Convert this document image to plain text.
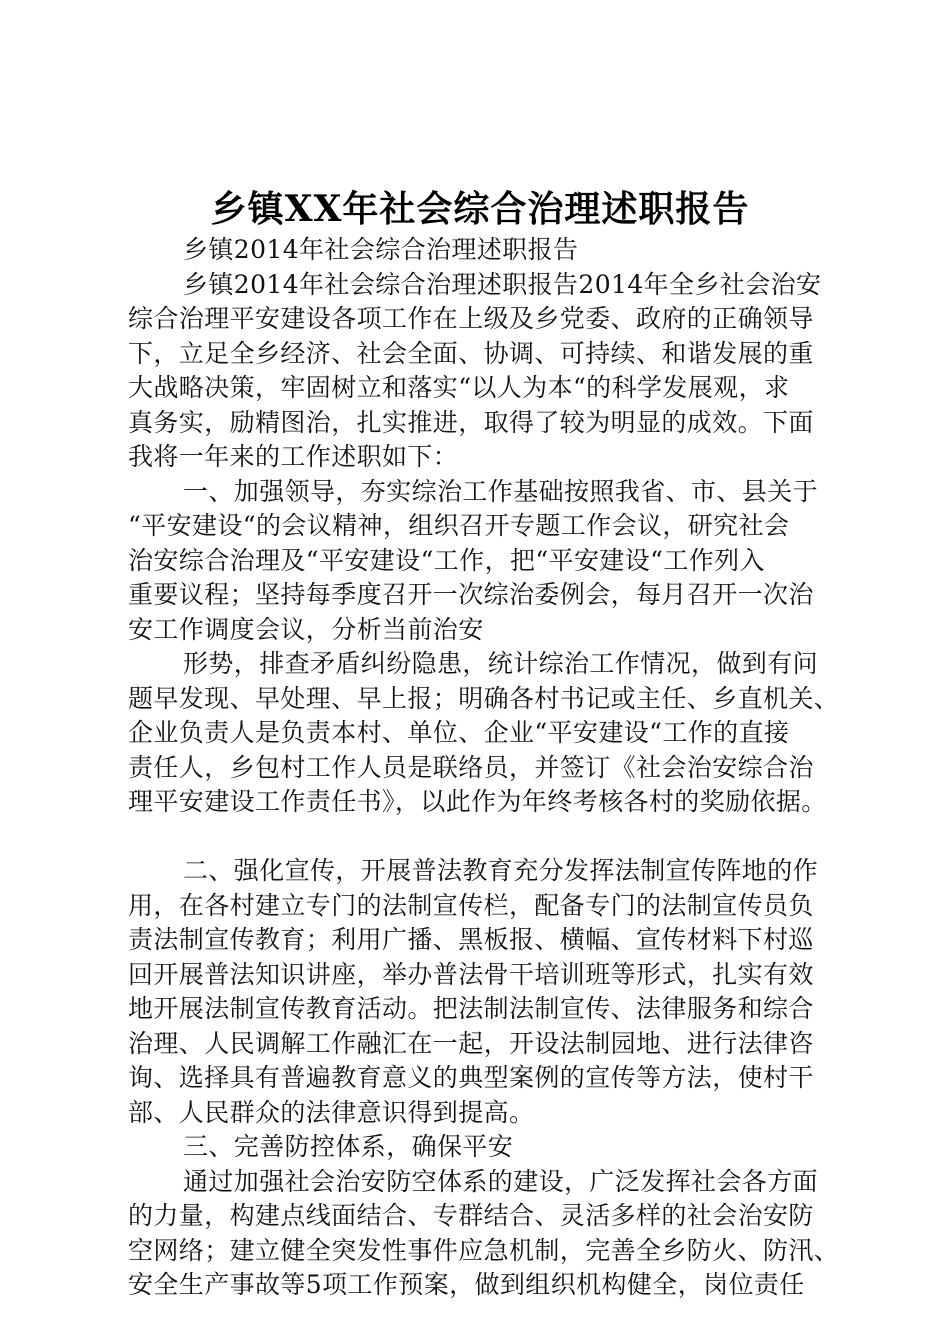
乡镇XX年社会综合治理述职报告

乡镇2014年社会综合治理述职报告

乡镇2014年社会综合治理述职报告2014年全乡社会治安
综合治理平安建设各项工作在上级及乡党委、政府的正确领导
下，立足全乡经济、社会全面、协调、可持续、和谐发展的重
大战略决策，牢固树立和落实“以人为本“的科学发展观，求
真务实，励精图治，扎实推进，取得了较为明显的成效。下面
我将一年来的工作述职如下：

一、加强领导，夯实综治工作基础按照我省、市、县关于
“平安建设“的会议精神，组织召开专题工作会议，研究社会
治安综合治理及“平安建设“工作，把“平安建设“工作列入
重要议程；坚持每季度召开一次综治委例会，每月召开一次治
安工作调度会议，分析当前治安

形势，排查矛盾纠纷隐患，统计综治工作情况，做到有问
题早发现、早处理、早上报；明确各村书记或主任、乡直机关、
企业负责人是负责本村、单位、企业“平安建设“工作的直接
责任人，乡包村工作人员是联络员，并签订《社会治安综合治
理平安建设工作责任书》，以此作为年终考核各村的奖励依据。

二、强化宣传，开展普法教育充分发挥法制宣传阵地的作
用，在各村建立专门的法制宣传栏，配备专门的法制宣传员负
责法制宣传教育；利用广播、黑板报、横幅、宣传材料下村巡
回开展普法知识讲座，举办普法骨干培训班等形式，扎实有效
地开展法制宣传教育活动。把法制法制宣传、法律服务和综合
治理、人民调解工作融汇在一起，开设法制园地、进行法律咨
询、选择具有普遍教育意义的典型案例的宣传等方法，使村干
部、人民群众的法律意识得到提高。

三、完善防控体系，确保平安

通过加强社会治安防空体系的建设，广泛发挥社会各方面
的力量，构建点线面结合、专群结合、灵活多样的社会治安防
空网络；建立健全突发性事件应急机制，完善全乡防火、防汛、
安全生产事故等5项工作预案，做到组织机构健全，岗位责任
